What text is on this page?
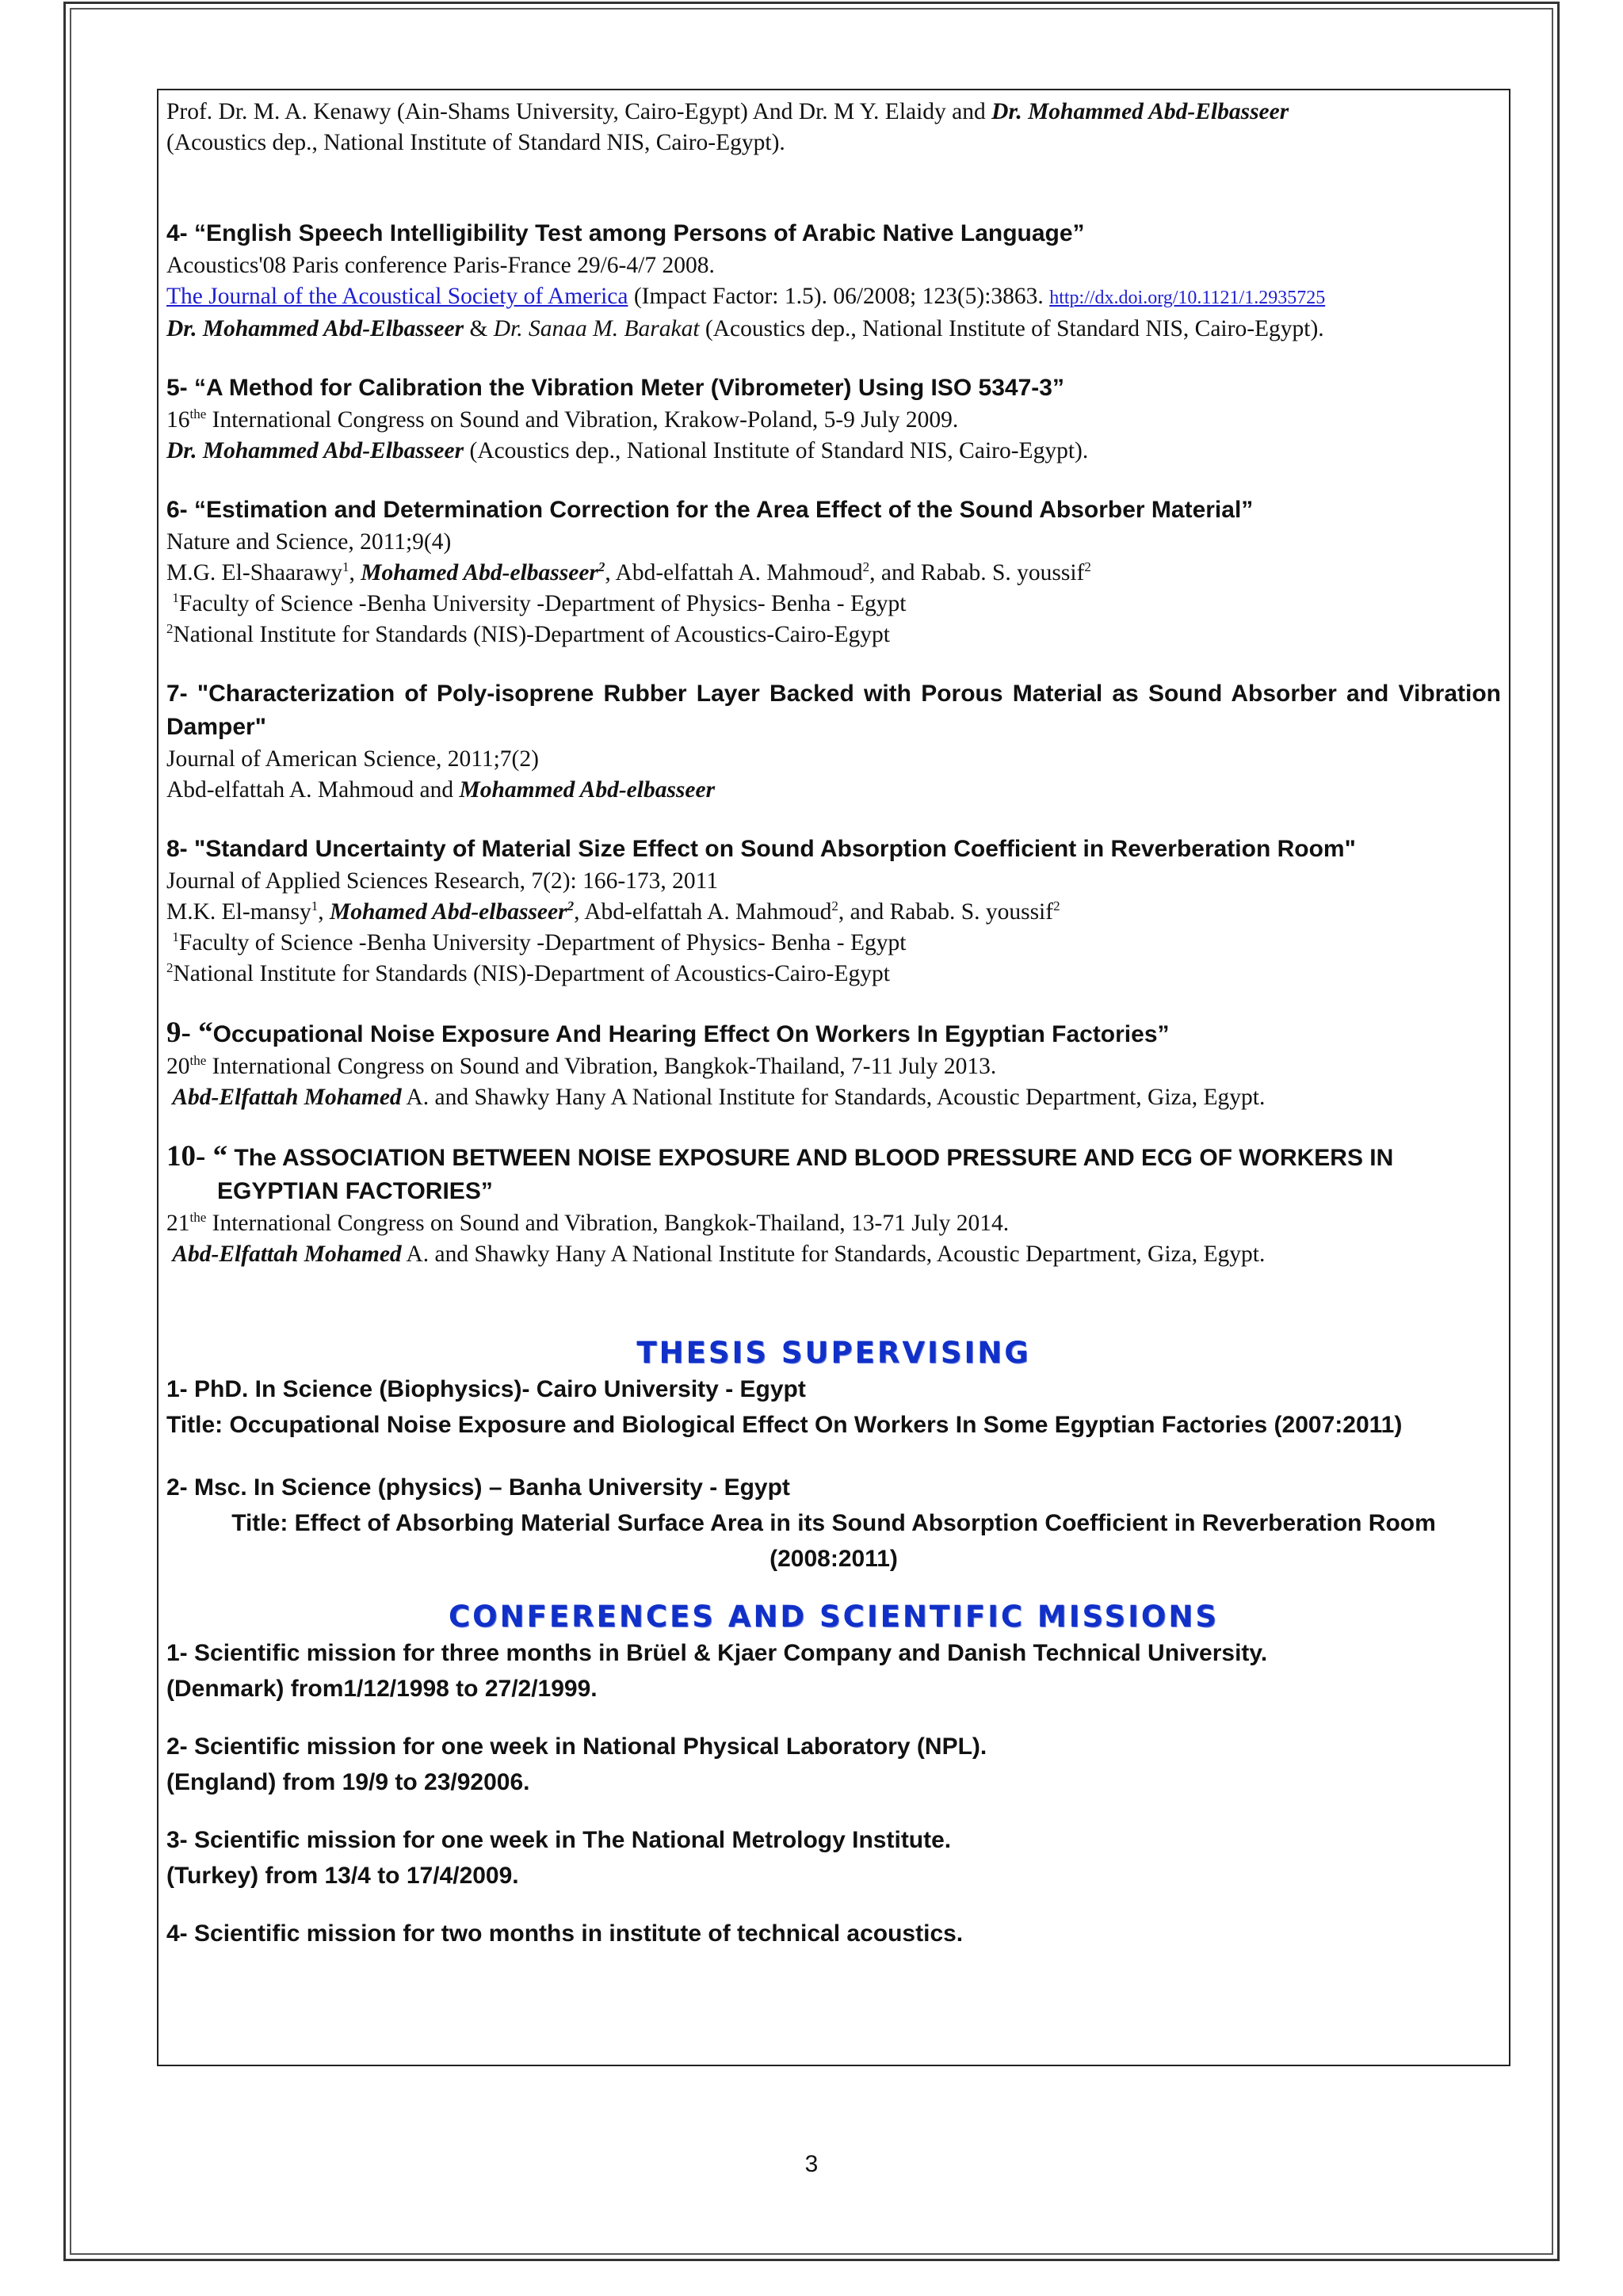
Prof. Dr. M. A. Kenawy (Ain-Shams University, Cairo-Egypt) And Dr. M Y. Elaidy and Dr. Mohammed Abd-Elbasseer
(Acoustics dep., National Institute of Standard NIS, Cairo-Egypt).
4- “English Speech Intelligibility Test among Persons of Arabic Native Language”
Acoustics'08 Paris conference Paris-France 29/6-4/7 2008.
The Journal of the Acoustical Society of America (Impact Factor: 1.5). 06/2008; 123(5):3863. http://dx.doi.org/10.1121/1.2935725
Dr. Mohammed Abd-Elbasseer & Dr. Sanaa M. Barakat (Acoustics dep., National Institute of Standard NIS, Cairo-Egypt).
5- “A Method for Calibration the Vibration Meter (Vibrometer) Using ISO 5347-3”
$16^{the}$ International Congress on Sound and Vibration, Krakow-Poland, 5-9 July 2009.
Dr. Mohammed Abd-Elbasseer (Acoustics dep., National Institute of Standard NIS, Cairo-Egypt).
6- “Estimation and Determination Correction for the Area Effect of the Sound Absorber Material”
Nature and Science, 2011;9(4)
M.G. El-Shaarawy$^1$, Mohamed Abd-elbasseer$^2$, Abd-elfattah A. Mahmoud$^2$, and Rabab. S. youssif$^2$
$^1$Faculty of Science -Benha University -Department of Physics- Benha - Egypt
$^2$National Institute for Standards (NIS)-Department of Acoustics-Cairo-Egypt
7- "Characterization of Poly-isoprene Rubber Layer Backed with Porous Material as Sound Absorber and Vibration Damper"
Journal of American Science, 2011;7(2)
Abd-elfattah A. Mahmoud and Mohammed Abd-elbasseer
8- "Standard Uncertainty of Material Size Effect on Sound Absorption Coefficient in Reverberation Room"
Journal of Applied Sciences Research, 7(2): 166-173, 2011
M.K. El-mansy$^1$, Mohamed Abd-elbasseer$^2$, Abd-elfattah A. Mahmoud$^2$, and Rabab. S. youssif$^2$
$^1$Faculty of Science -Benha University -Department of Physics- Benha - Egypt
$^2$National Institute for Standards (NIS)-Department of Acoustics-Cairo-Egypt
9- “Occupational Noise Exposure And Hearing Effect On Workers In Egyptian Factories”
$20^{the}$ International Congress on Sound and Vibration, Bangkok-Thailand, 7-11 July 2013.
Abd-Elfattah Mohamed A. and Shawky Hany A National Institute for Standards, Acoustic Department, Giza, Egypt.
10- “ The ASSOCIATION BETWEEN NOISE EXPOSURE AND BLOOD PRESSURE AND ECG OF WORKERS IN
EGYPTIAN FACTORIES”
$21^{the}$ International Congress on Sound and Vibration, Bangkok-Thailand, 13-71 July 2014.
Abd-Elfattah Mohamed A. and Shawky Hany A National Institute for Standards, Acoustic Department, Giza, Egypt.
THESIS SUPERVISING
1- PhD. In Science (Biophysics)- Cairo University - Egypt
Title: Occupational Noise Exposure and Biological Effect On Workers In Some Egyptian Factories (2007:2011)
2- Msc. In Science (physics) – Banha University - Egypt
Title: Effect of Absorbing Material Surface Area in its Sound Absorption Coefficient in Reverberation Room (2008:2011)
CONFERENCES AND SCIENTIFIC MISSIONS
1- Scientific mission for three months in Brüel & Kjaer Company and Danish Technical University.
(Denmark) from1/12/1998 to 27/2/1999.
2- Scientific mission for one week in National Physical Laboratory (NPL).
(England) from 19/9 to 23/92006.
3- Scientific mission for one week in The National Metrology Institute.
(Turkey) from 13/4 to 17/4/2009.
4- Scientific mission for two months in institute of technical acoustics.
3
